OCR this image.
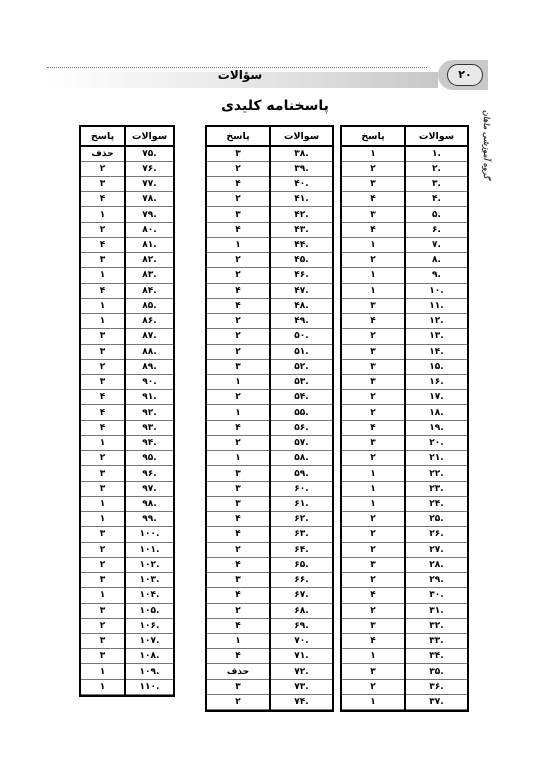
سؤالات	۲۰
گروه آموزشی ماهان
پاسخنامه کلیدی
پاسخ	سوالات
۱	.۱
۲	.۲
۳	.۳
۴	.۴
۳	.۵
۴	.۶
۱	.۷
۲	.۸
۱	.۹
۱	.۱۰
۳	.۱۱
۴	.۱۲
۲	.۱۳
۳	.۱۴
۳	.۱۵
۳	.۱۶
۲	.۱۷
۲	.۱۸
۴	.۱۹
۳	.۲۰
۲	.۲۱
۱	.۲۲
۱	.۲۳
۱	.۲۴
۲	.۲۵
۲	.۲۶
۲	.۲۷
۳	.۲۸
۲	.۲۹
۴	.۳۰
۲	.۳۱
۳	.۳۲
۴	.۳۳
۱	.۳۴
۳	.۳۵
۲	.۳۶
۱	.۳۷

پاسخ	سوالات
۳	.۳۸
۲	.۳۹
۴	.۴۰
۲	.۴۱
۳	.۴۲
۴	.۴۳
۱	.۴۴
۲	.۴۵
۲	.۴۶
۴	.۴۷
۴	.۴۸
۲	.۴۹
۲	.۵۰
۲	.۵۱
۳	.۵۲
۱	.۵۳
۲	.۵۴
۱	.۵۵
۴	.۵۶
۲	.۵۷
۱	.۵۸
۳	.۵۹
۳	.۶۰
۳	.۶۱
۴	.۶۲
۴	.۶۳
۲	.۶۴
۴	.۶۵
۳	.۶۶
۴	.۶۷
۲	.۶۸
۴	.۶۹
۱	.۷۰
۴	.۷۱
حذف	.۷۲
۳	.۷۳
۲	.۷۴

پاسخ	سوالات
حذف	.۷۵
۲	.۷۶
۳	.۷۷
۴	.۷۸
۱	.۷۹
۲	.۸۰
۴	.۸۱
۳	.۸۲
۱	.۸۳
۴	.۸۴
۱	.۸۵
۱	.۸۶
۳	.۸۷
۳	.۸۸
۲	.۸۹
۳	.۹۰
۴	.۹۱
۴	.۹۲
۴	.۹۳
۱	.۹۴
۲	.۹۵
۳	.۹۶
۳	.۹۷
۱	.۹۸
۱	.۹۹
۳	.۱۰۰
۲	.۱۰۱
۲	.۱۰۲
۳	.۱۰۳
۱	.۱۰۴
۳	.۱۰۵
۲	.۱۰۶
۳	.۱۰۷
۳	.۱۰۸
۱	.۱۰۹
۱	.۱۱۰
